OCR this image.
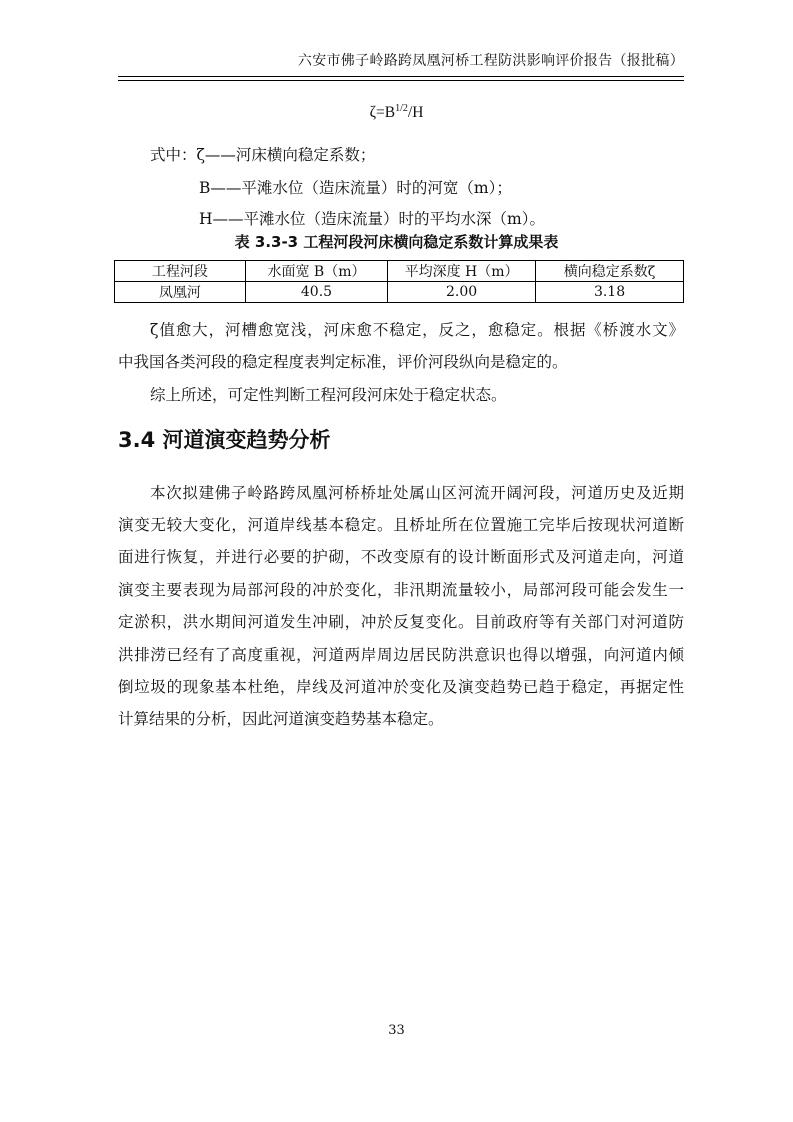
六安市佛子岭路跨凤凰河桥工程防洪影响评价报告（报批稿）
$\zeta=B^{1/2}/H$
式中：ζ——河床横向稳定系数；
B——平滩水位（造床流量）时的河宽（m）；
H——平滩水位（造床流量）时的平均水深（m）。
表 3.3-3 工程河段河床横向稳定系数计算成果表
工程河段	水面宽 B（m）	平均深度 H（m）	横向稳定系数ζ
凤凰河	40.5	2.00	3.18
ζ值愈大，河槽愈宽浅，河床愈不稳定，反之，愈稳定。根据《桥渡水文》
中我国各类河段的稳定程度表判定标准，评价河段纵向是稳定的。
综上所述，可定性判断工程河段河床处于稳定状态。
3.4 河道演变趋势分析
本次拟建佛子岭路跨凤凰河桥桥址处属山区河流开阔河段，河道历史及近期
演变无较大变化，河道岸线基本稳定。且桥址所在位置施工完毕后按现状河道断
面进行恢复，并进行必要的护砌，不改变原有的设计断面形式及河道走向，河道
演变主要表现为局部河段的冲於变化，非汛期流量较小，局部河段可能会发生一
定淤积，洪水期间河道发生冲刷，冲於反复变化。目前政府等有关部门对河道防
洪排涝已经有了高度重视，河道两岸周边居民防洪意识也得以增强，向河道内倾
倒垃圾的现象基本杜绝，岸线及河道冲於变化及演变趋势已趋于稳定，再据定性
计算结果的分析，因此河道演变趋势基本稳定。
33
